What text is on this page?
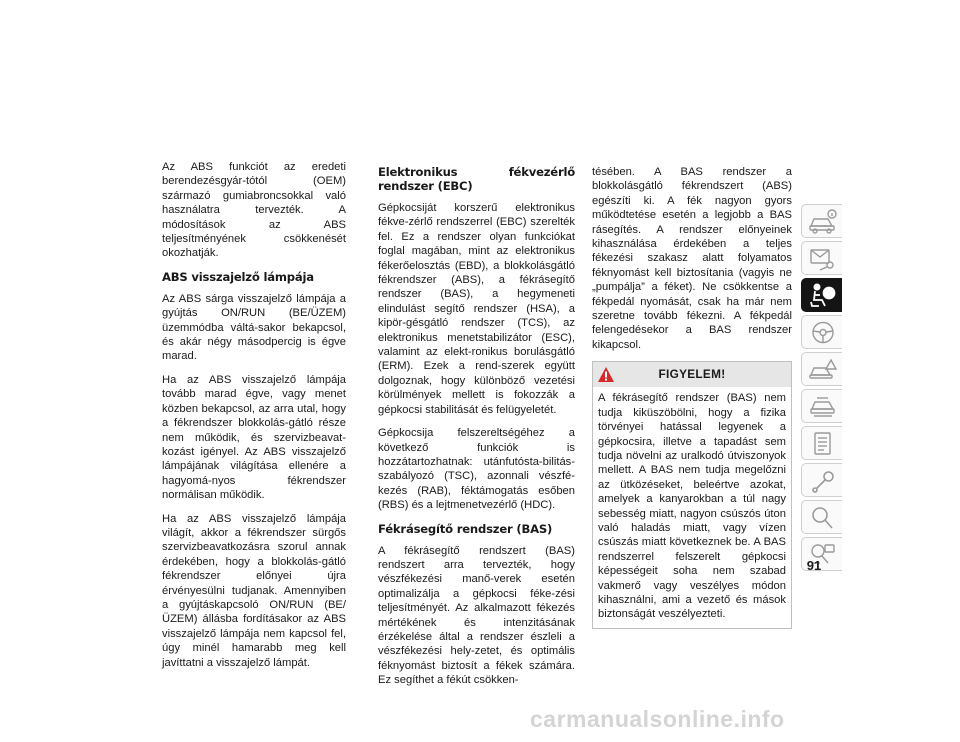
Az ABS funkciót az eredeti berendezésgyár-tótól (OEM) származó gumiabroncsokkal való használatra tervezték. A módosítások az ABS teljesítményének csökkenését okozhatják.

ABS visszajelző lámpája

Az ABS sárga visszajelző lámpája a gyújtás ON/RUN (BE/ÜZEM) üzemmódba váltá-sakor bekapcsol, és akár négy másodpercig is égve marad.

Ha az ABS visszajelző lámpája tovább marad égve, vagy menet közben bekapcsol, az arra utal, hogy a fékrendszer blokkolás-gátló része nem működik, és szervizbeavat-kozást igényel. Az ABS visszajelző lámpájának világítása ellenére a hagyomá-nyos fékrendszer normálisan működik.

Ha az ABS visszajelző lámpája világít, akkor a fékrendszer sürgős szervizbeavatkozásra szorul annak érdekében, hogy a blokkolás-gátló fékrendszer előnyei újra érvényesülni tudjanak. Amennyiben a gyújtáskapcsoló ON/RUN (BE/ÜZEM) állásba fordításakor az ABS visszajelző lámpája nem kapcsol fel, úgy minél hamarabb meg kell javíttatni a visszajelző lámpát.

Elektronikus fékvezérlő rendszer (EBC)

Gépkocsiját korszerű elektronikus fékve-zérlő rendszerrel (EBC) szerelték fel. Ez a rendszer olyan funkciókat foglal magában, mint az elektronikus fékerőelosztás (EBD), a blokkolásgátló fékrendszer (ABS), a fékrásegítő rendszer (BAS), a hegymeneti elindulást segítő rendszer (HSA), a kipör-gésgátló rendszer (TCS), az elektronikus menetstabilizátor (ESC), valamint az elekt-ronikus borulásgátló (ERM). Ezek a rend-szerek együtt dolgoznak, hogy különböző vezetési körülmények mellett is fokozzák a gépkocsi stabilitását és felügyeletét.

Gépkocsija felszereltségéhez a következő funkciók is hozzátartozhatnak: utánfutósta-bilitás-szabályozó (TSC), azonnali vészfé-kezés (RAB), féktámogatás esőben (RBS) és a lejtmenetvezérlő (HDC).

Fékrásegítő rendszer (BAS)

A fékrásegítő rendszert (BAS) rendszert arra tervezték, hogy vészfékezési manő-verek esetén optimalizálja a gépkocsi féke-zési teljesítményét. Az alkalmazott fékezés mértékének és intenzitásának érzékelése által a rendszer észleli a vészfékezési hely-zetet, és optimális féknyomást biztosít a fékek számára. Ez segíthet a fékút csökken-

tésében. A BAS rendszer a blokkolásgátló fékrendszert (ABS) egészíti ki. A fék nagyon gyors működtetése esetén a legjobb a BAS rásegítés. A rendszer előnyeinek kihasználása érdekében a teljes fékezési szakasz alatt folyamatos féknyomást kell biztosítania (vagyis ne „pumpálja” a féket). Ne csökkentse a fékpedál nyomását, csak ha már nem szeretne tovább fékezni. A fékpedál felengedésekor a BAS rendszer kikapcsol.

FIGYELEM!
A fékrásegítő rendszer (BAS) nem tudja kiküszöbölni, hogy a fizika törvényei hatással legyenek a gépkocsira, illetve a tapadást sem tudja növelni az uralkodó útviszonyok mellett. A BAS nem tudja megelőzni az ütközéseket, beleértve azokat, amelyek a kanyarokban a túl nagy sebesség miatt, nagyon csúszós úton való haladás miatt, vagy vízen csúszás miatt következnek be. A BAS rendszerrel felszerelt gépkocsi képességeit soha nem szabad vakmerő vagy veszélyes módon kihasználni, ami a vezető és mások biztonságát veszélyezteti.
91
carmanualsonline.info
